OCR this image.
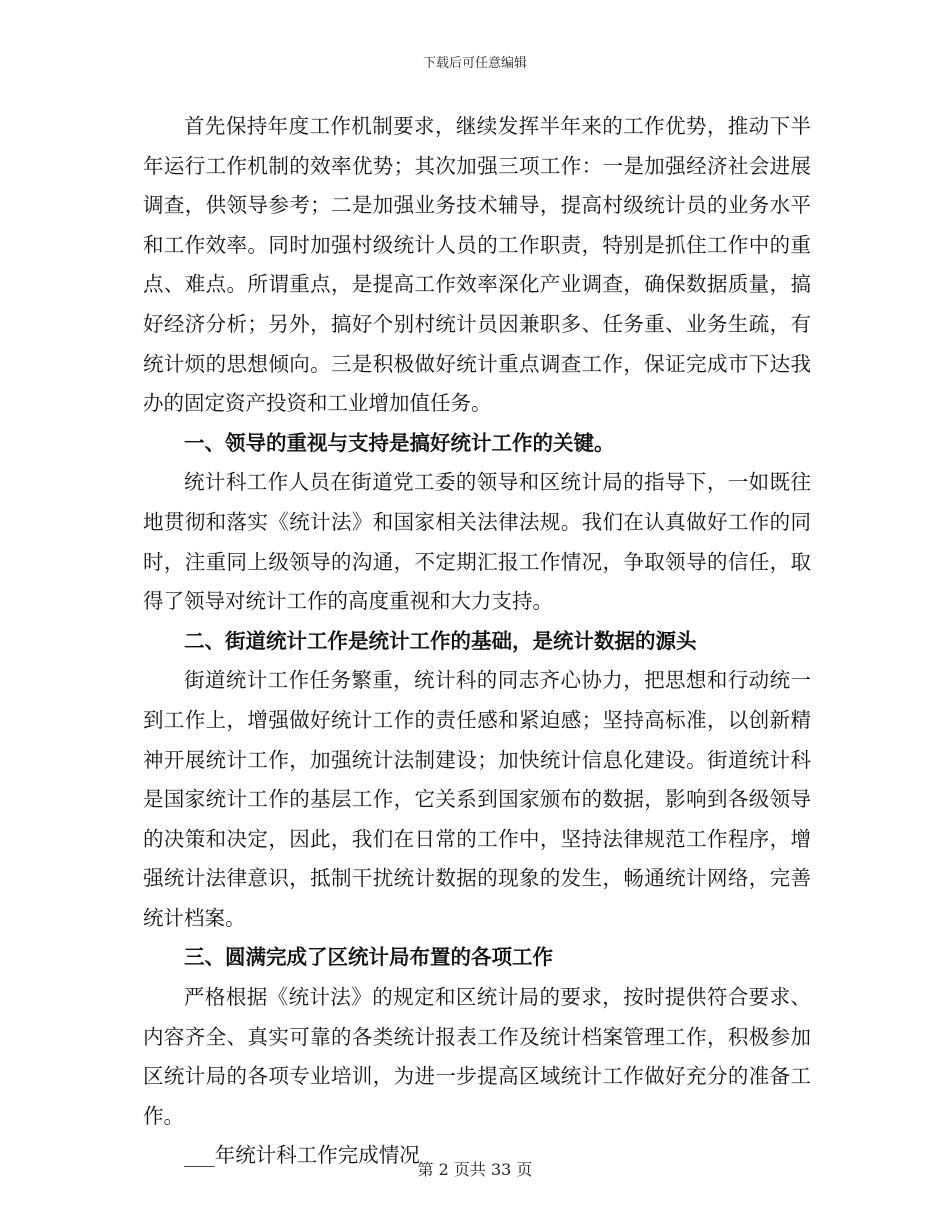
下载后可任意编辑

首先保持年度工作机制要求，继续发挥半年来的工作优势，推动下半年运行工作机制的效率优势；其次加强三项工作：一是加强经济社会进展调查，供领导参考；二是加强业务技术辅导，提高村级统计员的业务水平和工作效率。同时加强村级统计人员的工作职责，特别是抓住工作中的重点、难点。所谓重点，是提高工作效率深化产业调查，确保数据质量，搞好经济分析；另外，搞好个别村统计员因兼职多、任务重、业务生疏，有统计烦的思想倾向。三是积极做好统计重点调查工作，保证完成市下达我办的固定资产投资和工业增加值任务。

一、领导的重视与支持是搞好统计工作的关键。

统计科工作人员在街道党工委的领导和区统计局的指导下，一如既往地贯彻和落实《统计法》和国家相关法律法规。我们在认真做好工作的同时，注重同上级领导的沟通，不定期汇报工作情况，争取领导的信任，取得了领导对统计工作的高度重视和大力支持。

二、街道统计工作是统计工作的基础，是统计数据的源头

街道统计工作任务繁重，统计科的同志齐心协力，把思想和行动统一到工作上，增强做好统计工作的责任感和紧迫感；坚持高标准，以创新精神开展统计工作，加强统计法制建设；加快统计信息化建设。街道统计科是国家统计工作的基层工作，它关系到国家颁布的数据，影响到各级领导的决策和决定，因此，我们在日常的工作中，坚持法律规范工作程序，增强统计法律意识，抵制干扰统计数据的现象的发生，畅通统计网络，完善统计档案。

三、圆满完成了区统计局布置的各项工作

严格根据《统计法》的规定和区统计局的要求，按时提供符合要求、内容齐全、真实可靠的各类统计报表工作及统计档案管理工作，积极参加区统计局的各项专业培训，为进一步提高区域统计工作做好充分的准备工作。

___年统计科工作完成情况

第 2 页共 33 页
